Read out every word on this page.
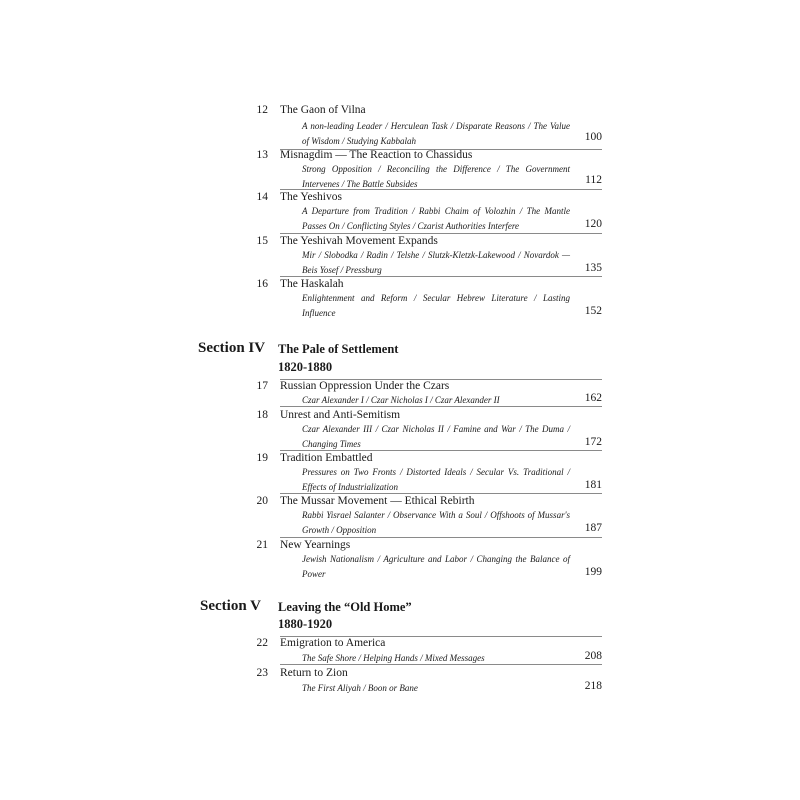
12 The Gaon of Vilna
A non-leading Leader / Herculean Task / Disparate Reasons / The Value of Wisdom / Studying Kabbalah	100
13 Misnagdim — The Reaction to Chassidus
Strong Opposition / Reconciling the Difference / The Government Intervenes / The Battle Subsides	112
14 The Yeshivos
A Departure from Tradition / Rabbi Chaim of Volozhin / The Mantle Passes On / Conflicting Styles / Czarist Authorities Interfere	120
15 The Yeshivah Movement Expands
Mir / Slobodka / Radin / Telshe / Slutzk-Kletzk-Lakewood / Novardok — Beis Yosef / Pressburg	135
16 The Haskalah
Enlightenment and Reform / Secular Hebrew Literature / Lasting Influence	152
Section IV The Pale of Settlement
1820-1880
17 Russian Oppression Under the Czars
Czar Alexander I / Czar Nicholas I / Czar Alexander II	162
18 Unrest and Anti-Semitism
Czar Alexander III / Czar Nicholas II / Famine and War / The Duma / Changing Times	172
19 Tradition Embattled
Pressures on Two Fronts / Distorted Ideals / Secular Vs. Traditional / Effects of Industrialization	181
20 The Mussar Movement — Ethical Rebirth
Rabbi Yisrael Salanter / Observance With a Soul / Offshoots of Mussar's Growth / Opposition	187
21 New Yearnings
Jewish Nationalism / Agriculture and Labor / Changing the Balance of Power	199
Section V Leaving the “Old Home”
1880-1920
22 Emigration to America
The Safe Shore / Helping Hands / Mixed Messages	208
23 Return to Zion
The First Aliyah / Boon or Bane	218
